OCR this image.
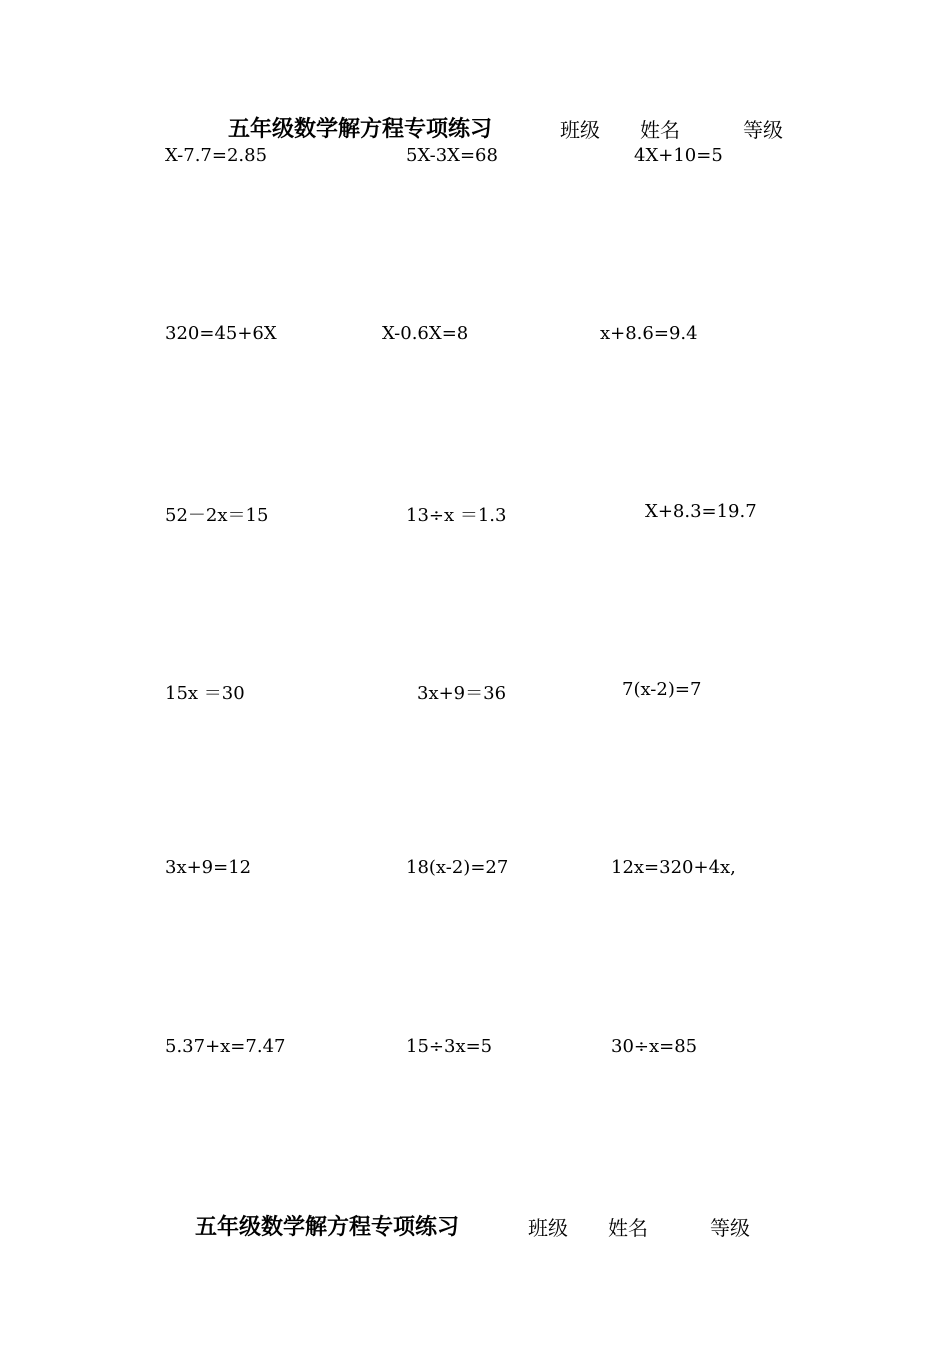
五年级数学解方程专项练习	班级 姓名	等级
X-7.7=2.85	5X-3X=68	4X+10=5
320=45+6X	X-0.6X=8	x+8.6=9.4
52－2x＝15	13÷x ＝1.3	X+8.3=19.7
15x ＝30	3x+9＝36	7(x-2)=7
3x+9=12	18(x-2)=27	12x=320+4x,
5.37+x=7.47	15÷3x=5	30÷x=85
五年级数学解方程专项练习	班级 姓名	等级
